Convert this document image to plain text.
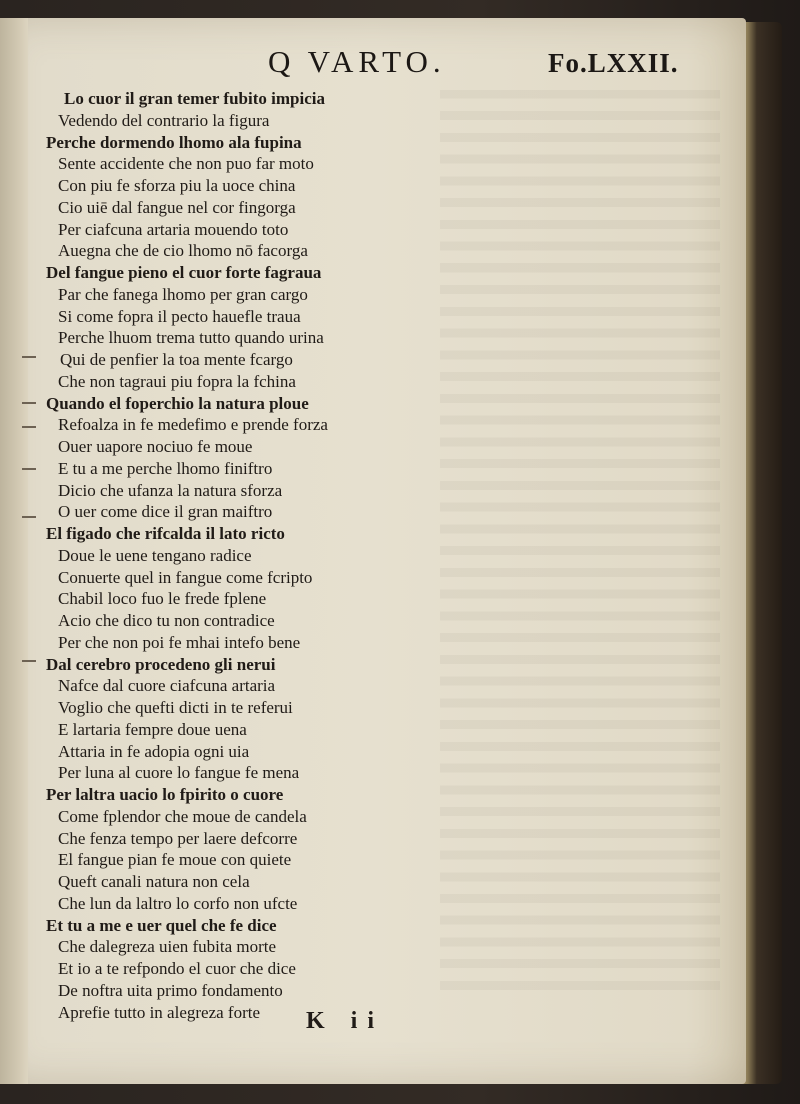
Q VARTO.	Fo.LXXII.
Lo cuor il gran temer fubito impicia
Vedendo del contrario la figura
Perche dormendo lhomo ala fupina
Sente accidente che non puo far moto
Con piu fe sforza piu la uoce china
Cio uiē dal fangue nel cor fingorga
Per ciafcuna artaria mouendo toto
Auegna che de cio lhomo nō facorga
Del fangue pieno el cuor forte fagraua
Par che fanega lhomo per gran cargo
Si come fopra il pecto hauefle traua
Perche lhuom trema tutto quando urina
Qui de penfier la toa mente fcargo
Che non tagraui piu fopra la fchina
Quando el foperchio la natura ploue
Refoalza in fe medefimo e prende forza
Ouer uapore nociuo fe moue
E tu a me perche lhomo finiftro
Dicio che ufanza la natura sforza
O uer come dice il gran maiftro
El figado che rifcalda il lato ricto
Doue le uene tengano radice
Conuerte quel in fangue come fcripto
Chabil loco fuo le frede fplene
Acio che dico tu non contradice
Per che non poi fe mhai intefo bene
Dal cerebro procedeno gli nerui
Nafce dal cuore ciafcuna artaria
Voglio che quefti dicti in te referui
E lartaria fempre doue uena
Attaria in fe adopia ogni uia
Per luna al cuore lo fangue fe mena
Per laltra uacio lo fpirito o cuore
Come fplendor che moue de candela
Che fenza tempo per laere defcorre
El fangue pian fe moue con quiete
Queft canali natura non cela
Che lun da laltro lo corfo non ufcte
Et tu a me e uer quel che fe dice
Che dalegreza uien fubita morte
Et io a te refpondo el cuor che dice
De noftra uita primo fondamento
Aprefie tutto in alegreza forte	K ii
